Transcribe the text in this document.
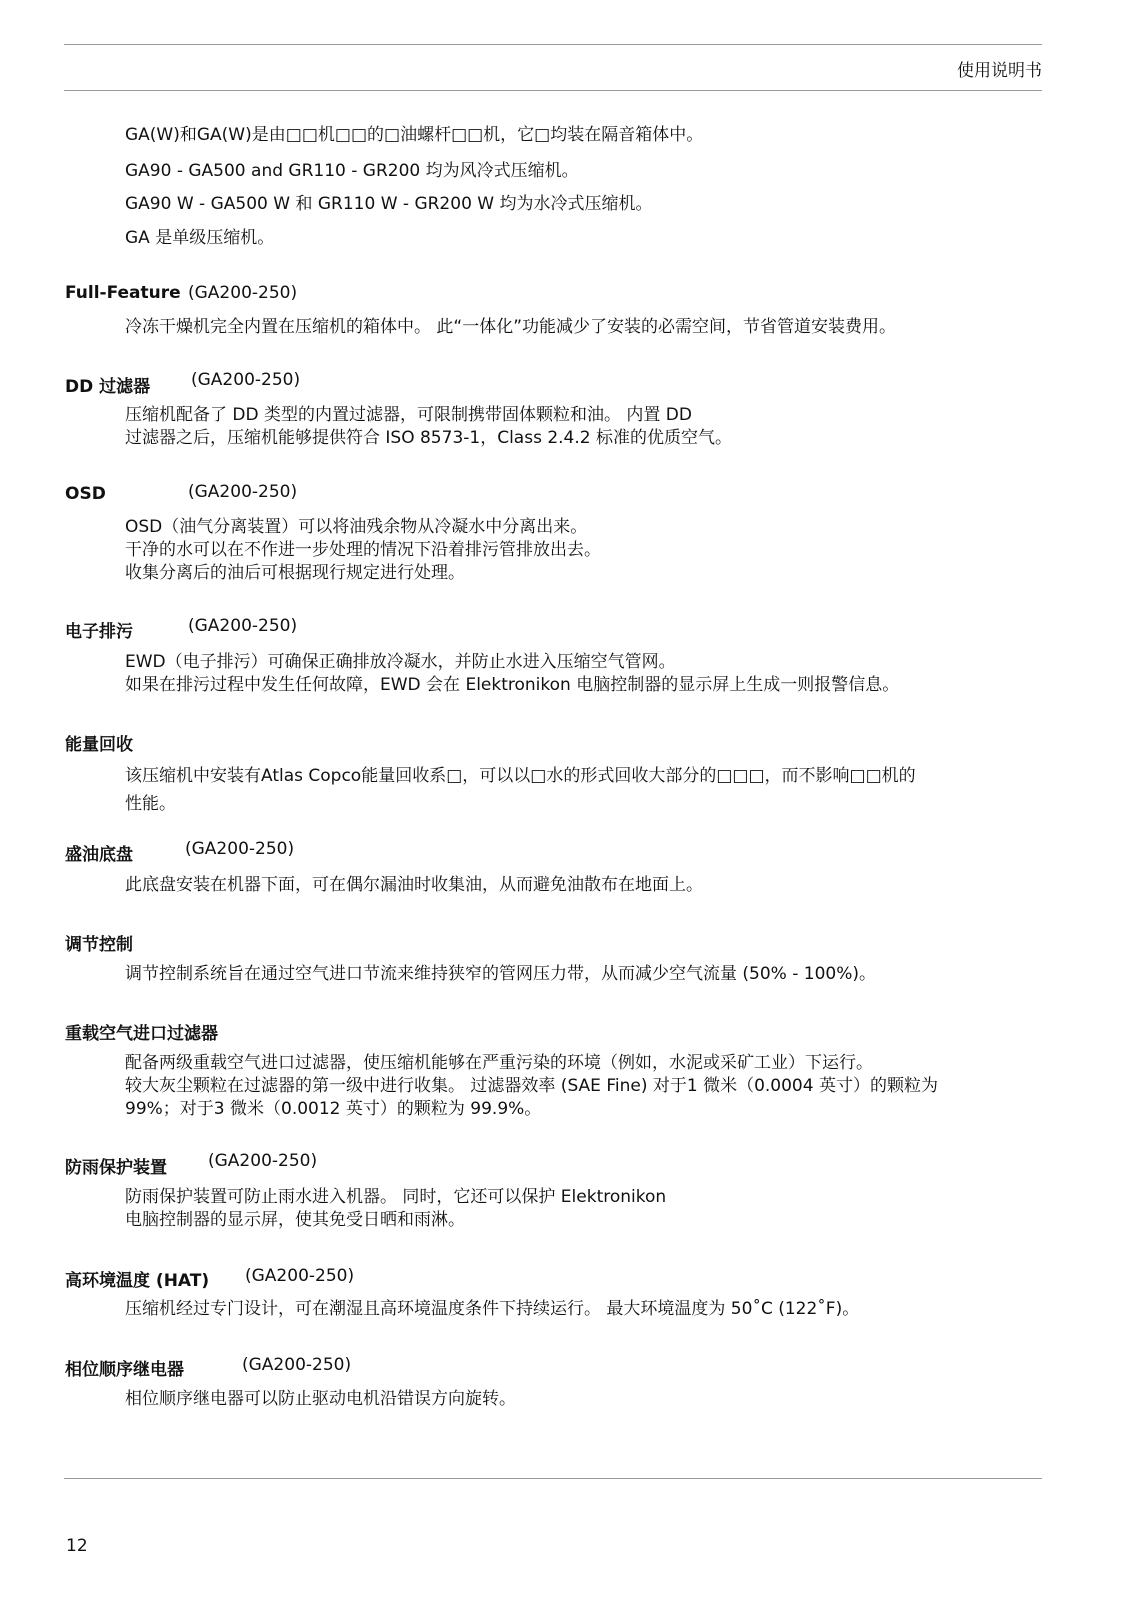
使用说明书
GA(W)和GA(W)是由□□机□□的□油螺杆□□机，它□均装在隔音箱体中。
GA90 - GA500 and GR110 - GR200 均为风冷式压缩机。
GA90 W - GA500 W 和 GR110 W - GR200 W 均为水冷式压缩机。
GA 是单级压缩机。
Full-Feature (GA200-250)
冷冻干燥机完全内置在压缩机的箱体中。 此“一体化”功能减少了安装的必需空间，节省管道安装费用。
DD 过滤器 (GA200-250)
压缩机配备了 DD 类型的内置过滤器，可限制携带固体颗粒和油。 内置 DD
过滤器之后，压缩机能够提供符合 ISO 8573-1，Class 2.4.2 标准的优质空气。
OSD	(GA200-250)
OSD（油气分离装置）可以将油残余物从冷凝水中分离出来。
干净的水可以在不作进一步处理的情况下沿着排污管排放出去。
收集分离后的油后可根据现行规定进行处理。
电子排污	(GA200-250)
EWD（电子排污）可确保正确排放冷凝水，并防止水进入压缩空气管网。
如果在排污过程中发生任何故障，EWD 会在 Elektronikon 电脑控制器的显示屏上生成一则报警信息。
能量回收
该压缩机中安装有Atlas Copco能量回收系□，可以以□水的形式回收大部分的□□□，而不影响□□机的
性能。
盛油底盘	(GA200-250)
此底盘安装在机器下面，可在偶尔漏油时收集油，从而避免油散布在地面上。
调节控制
调节控制系统旨在通过空气进口节流来维持狭窄的管网压力带，从而减少空气流量 (50% - 100%)。
重载空气进口过滤器
配备两级重载空气进口过滤器，使压缩机能够在严重污染的环境（例如，水泥或采矿工业）下运行。
较大灰尘颗粒在过滤器的第一级中进行收集。 过滤器效率 (SAE Fine) 对于1 微米（0.0004 英寸）的颗粒为
99%；对于3 微米（0.0012 英寸）的颗粒为 99.9%。
防雨保护装置 (GA200-250)
防雨保护装置可防止雨水进入机器。 同时，它还可以保护 Elektronikon
电脑控制器的显示屏，使其免受日晒和雨淋。
高环境温度 (HAT) (GA200-250)
压缩机经过专门设计，可在潮湿且高环境温度条件下持续运行。 最大环境温度为 50˚C (122˚F)。
相位顺序继电器	(GA200-250)
相位顺序继电器可以防止驱动电机沿错误方向旋转。
12
